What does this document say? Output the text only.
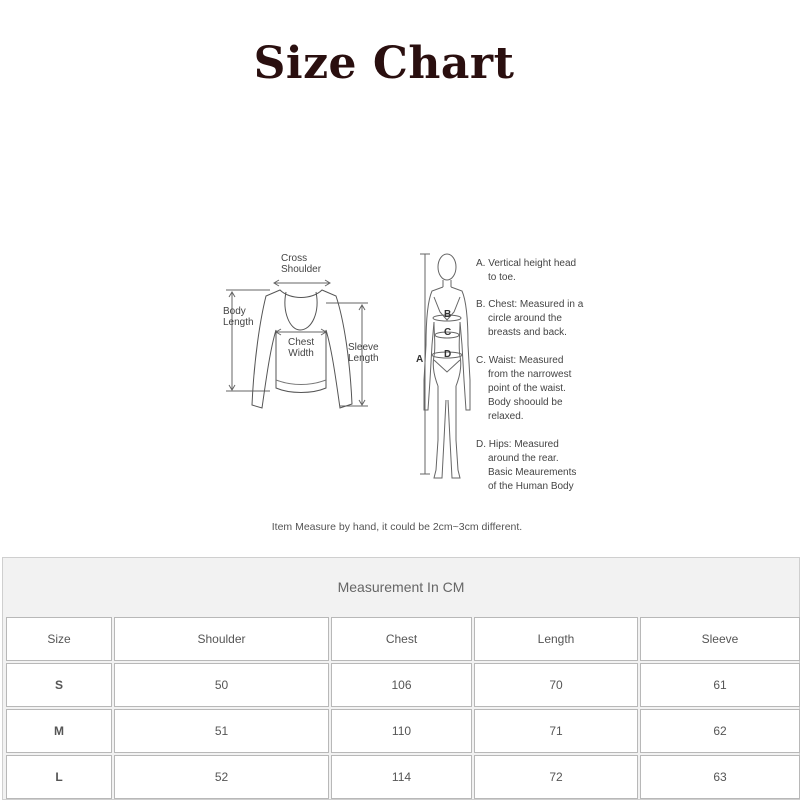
Size Chart
Cross
Shoulder
Body
Length
Chest
Width
Sleeve
Length
B
C
D
A
A. Vertical height head
to toe.
B. Chest: Measured in a
circle around the
breasts and back.
C. Waist: Measured
from the narrowest
point of the waist.
Body shoould be
relaxed.
D. Hips: Measured
around the rear.
Basic Meaurements
of the Human Body
Item Measure by hand, it could be 2cm~3cm different.
Measurement In CM
Size	Shoulder	Chest	Length	Sleeve
S	50	106	70	61
M	51	110	71	62
L	52	114	72	63
